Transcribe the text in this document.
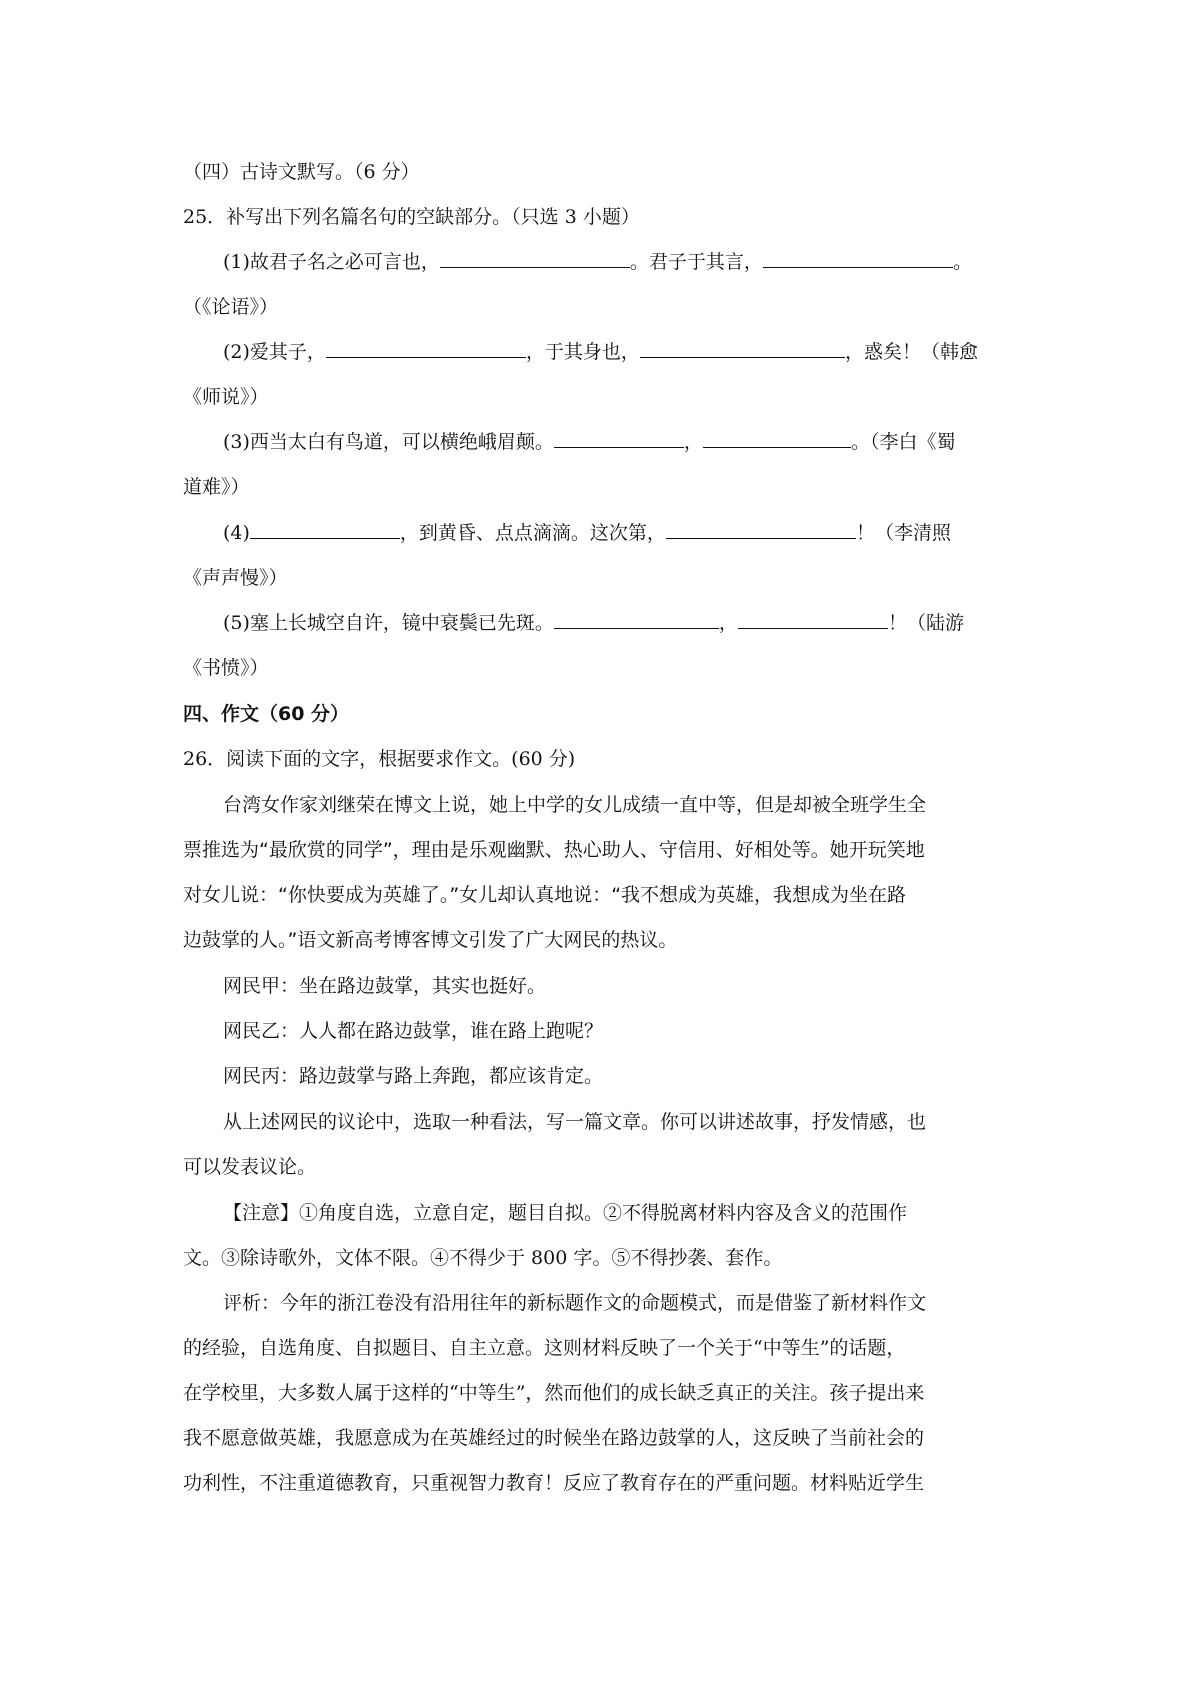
（四）古诗文默写。（6 分）
25．补写出下列名篇名句的空缺部分。（只选 3 小题）
(1)故君子名之必可言也，	。君子于其言，	。
（《论语》）
(2)爱其子，	，于其身也，	，惑矣！（韩愈
《师说》）
(3)西当太白有鸟道，可以横绝峨眉颠。	，	。（李白《蜀
道难》）
(4)	，到黄昏、点点滴滴。这次第，	！（李清照
《声声慢》）
(5)塞上长城空自许，镜中衰鬓已先斑。	，	！（陆游
《书愤》）
四、作文（60 分）
26．阅读下面的文字，根据要求作文。(60 分)
台湾女作家刘继荣在博文上说，她上中学的女儿成绩一直中等，但是却被全班学生全
票推选为“最欣赏的同学”，理由是乐观幽默、热心助人、守信用、好相处等。她开玩笑地
对女儿说：“你快要成为英雄了。”女儿却认真地说：“我不想成为英雄，我想成为坐在路
边鼓掌的人。”语文新高考博客博文引发了广大网民的热议。
网民甲：坐在路边鼓掌，其实也挺好。
网民乙：人人都在路边鼓掌，谁在路上跑呢？
网民丙：路边鼓掌与路上奔跑，都应该肯定。
从上述网民的议论中，选取一种看法，写一篇文章。你可以讲述故事，抒发情感，也
可以发表议论。
【注意】①角度自选，立意自定，题目自拟。②不得脱离材料内容及含义的范围作
文。③除诗歌外，文体不限。④不得少于 800 字。⑤不得抄袭、套作。
评析：今年的浙江卷没有沿用往年的新标题作文的命题模式，而是借鉴了新材料作文
的经验，自选角度、自拟题目、自主立意。这则材料反映了一个关于“中等生”的话题，
在学校里，大多数人属于这样的“中等生”，然而他们的成长缺乏真正的关注。孩子提出来
我不愿意做英雄，我愿意成为在英雄经过的时候坐在路边鼓掌的人，这反映了当前社会的
功利性，不注重道德教育，只重视智力教育！反应了教育存在的严重问题。材料贴近学生
